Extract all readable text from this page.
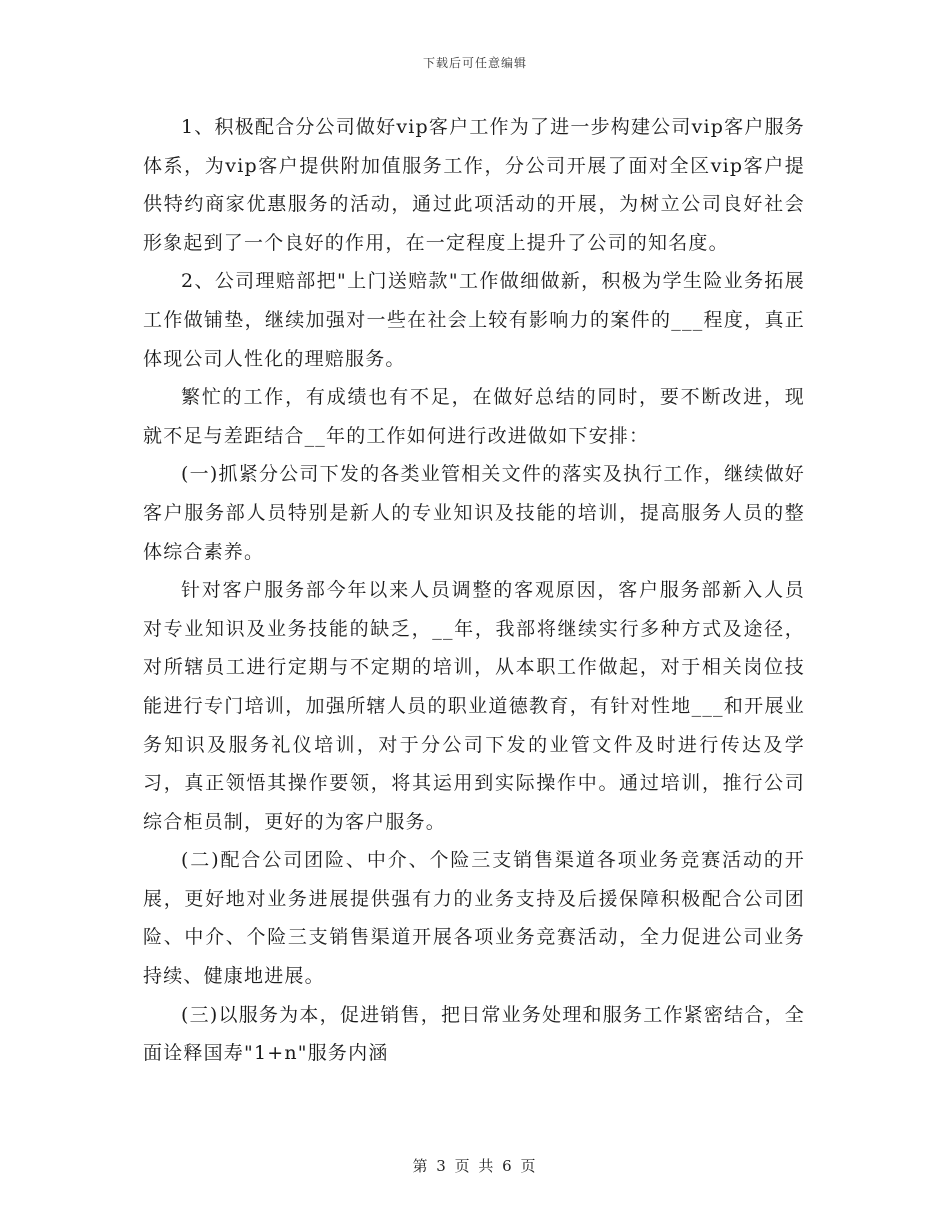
下载后可任意编辑

1、积极配合分公司做好vip客户工作为了进一步构建公司vip客户服务体系，为vip客户提供附加值服务工作，分公司开展了面对全区vip客户提供特约商家优惠服务的活动，通过此项活动的开展，为树立公司良好社会形象起到了一个良好的作用，在一定程度上提升了公司的知名度。

2、公司理赔部把"上门送赔款"工作做细做新，积极为学生险业务拓展工作做铺垫，继续加强对一些在社会上较有影响力的案件的___程度，真正体现公司人性化的理赔服务。

繁忙的工作，有成绩也有不足，在做好总结的同时，要不断改进，现就不足与差距结合__年的工作如何进行改进做如下安排：

(一)抓紧分公司下发的各类业管相关文件的落实及执行工作，继续做好客户服务部人员特别是新人的专业知识及技能的培训，提高服务人员的整体综合素养。

针对客户服务部今年以来人员调整的客观原因，客户服务部新入人员对专业知识及业务技能的缺乏，__年，我部将继续实行多种方式及途径，对所辖员工进行定期与不定期的培训，从本职工作做起，对于相关岗位技能进行专门培训，加强所辖人员的职业道德教育，有针对性地___和开展业务知识及服务礼仪培训，对于分公司下发的业管文件及时进行传达及学习，真正领悟其操作要领，将其运用到实际操作中。通过培训，推行公司综合柜员制，更好的为客户服务。

(二)配合公司团险、中介、个险三支销售渠道各项业务竞赛活动的开展，更好地对业务进展提供强有力的业务支持及后援保障积极配合公司团险、中介、个险三支销售渠道开展各项业务竞赛活动，全力促进公司业务持续、健康地进展。

(三)以服务为本，促进销售，把日常业务处理和服务工作紧密结合，全面诠释国寿"1+n"服务内涵

第 3 页 共 6 页
